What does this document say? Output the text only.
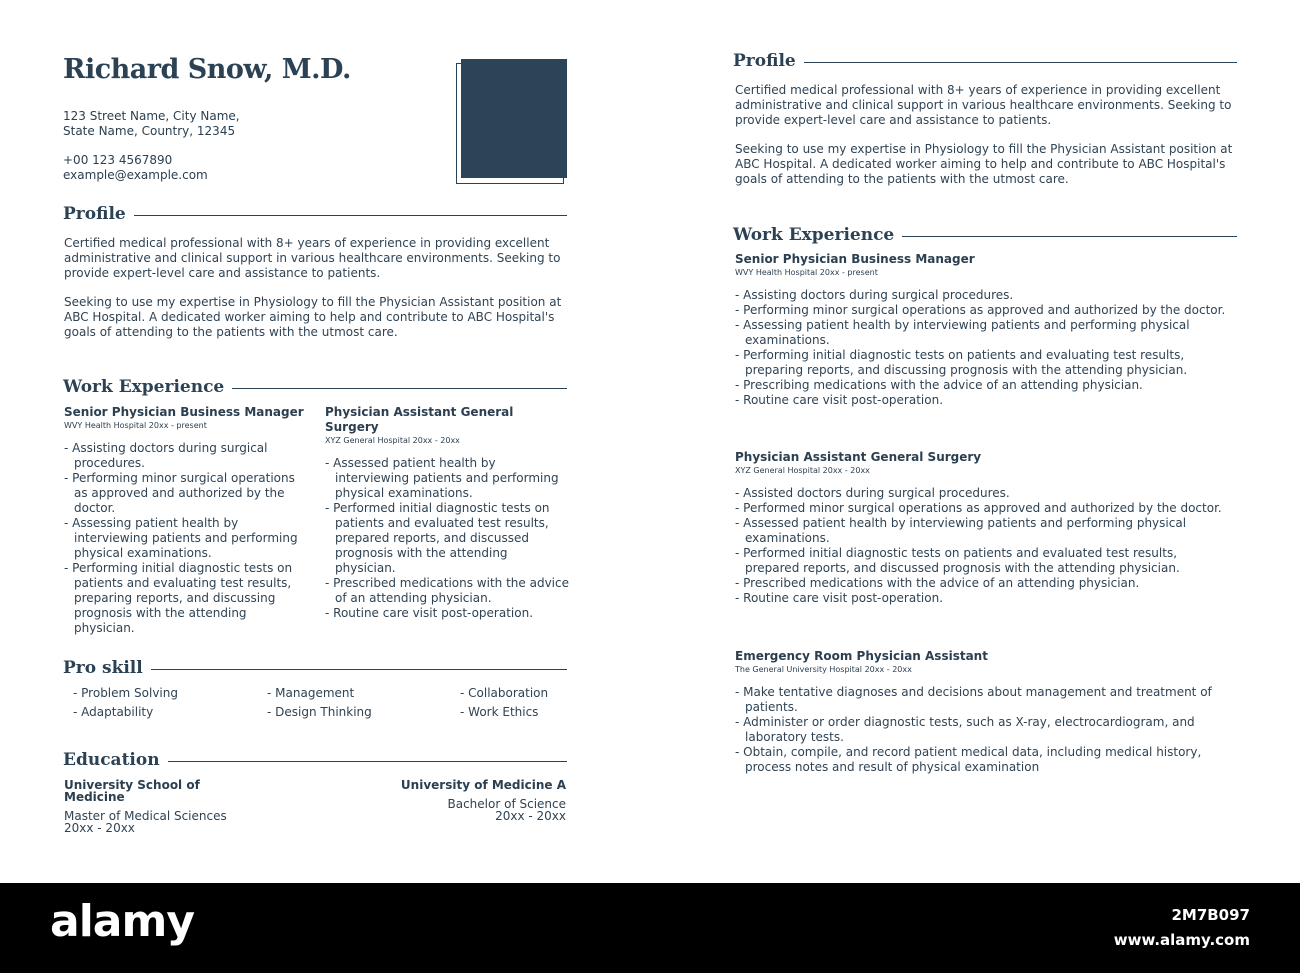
Richard Snow, M.D.
123 Street Name, City Name,
State Name, Country, 12345
+00 123 4567890
example@example.com
Profile

Certified medical professional with 8+ years of experience in providing excellent administrative and clinical support in various healthcare environments. Seeking to provide expert-level care and assistance to patients.

Seeking to use my expertise in Physiology to fill the Physician Assistant position at ABC Hospital. A dedicated worker aiming to help and contribute to ABC Hospital's goals of attending to the patients with the utmost care.

Work Experience
Senior Physician Business Manager
WVY Health Hospital 20xx - present
- Assisting doctors during surgical procedures.
- Performing minor surgical operations as approved and authorized by the doctor.
- Assessing patient health by interviewing patients and performing physical examinations.
- Performing initial diagnostic tests on patients and evaluating test results, preparing reports, and discussing prognosis with the attending physician.
Physician Assistant General Surgery
XYZ General Hospital 20xx - 20xx
- Assessed patient health by interviewing patients and performing physical examinations.
- Performed initial diagnostic tests on patients and evaluated test results, prepared reports, and discussed prognosis with the attending physician.
- Prescribed medications with the advice of an attending physician.
- Routine care visit post-operation.
Pro skill
- Problem Solving	- Management	- Collaboration
- Adaptability	- Design Thinking	- Work Ethics
Education
University School of Medicine
Master of Medical Sciences
20xx - 20xx
University of Medicine A
Bachelor of Science
20xx - 20xx
Profile

Certified medical professional with 8+ years of experience in providing excellent administrative and clinical support in various healthcare environments. Seeking to provide expert-level care and assistance to patients.

Seeking to use my expertise in Physiology to fill the Physician Assistant position at ABC Hospital. A dedicated worker aiming to help and contribute to ABC Hospital's goals of attending to the patients with the utmost care.

Work Experience
Senior Physician Business Manager
WVY Health Hospital 20xx - present
- Assisting doctors during surgical procedures.
- Performing minor surgical operations as approved and authorized by the doctor.
- Assessing patient health by interviewing patients and performing physical examinations.
- Performing initial diagnostic tests on patients and evaluating test results, preparing reports, and discussing prognosis with the attending physician.
- Prescribing medications with the advice of an attending physician.
- Routine care visit post-operation.
Physician Assistant General Surgery
XYZ General Hospital 20xx - 20xx
- Assisted doctors during surgical procedures.
- Performed minor surgical operations as approved and authorized by the doctor.
- Assessed patient health by interviewing patients and performing physical examinations.
- Performed initial diagnostic tests on patients and evaluated test results, prepared reports, and discussed prognosis with the attending physician.
- Prescribed medications with the advice of an attending physician.
- Routine care visit post-operation.
Emergency Room Physician Assistant
The General University Hospital 20xx - 20xx
- Make tentative diagnoses and decisions about management and treatment of patients.
- Administer or order diagnostic tests, such as X-ray, electrocardiogram, and laboratory tests.
- Obtain, compile, and record patient medical data, including medical history, process notes and result of physical examination
alamy	2M7B097
www.alamy.com
